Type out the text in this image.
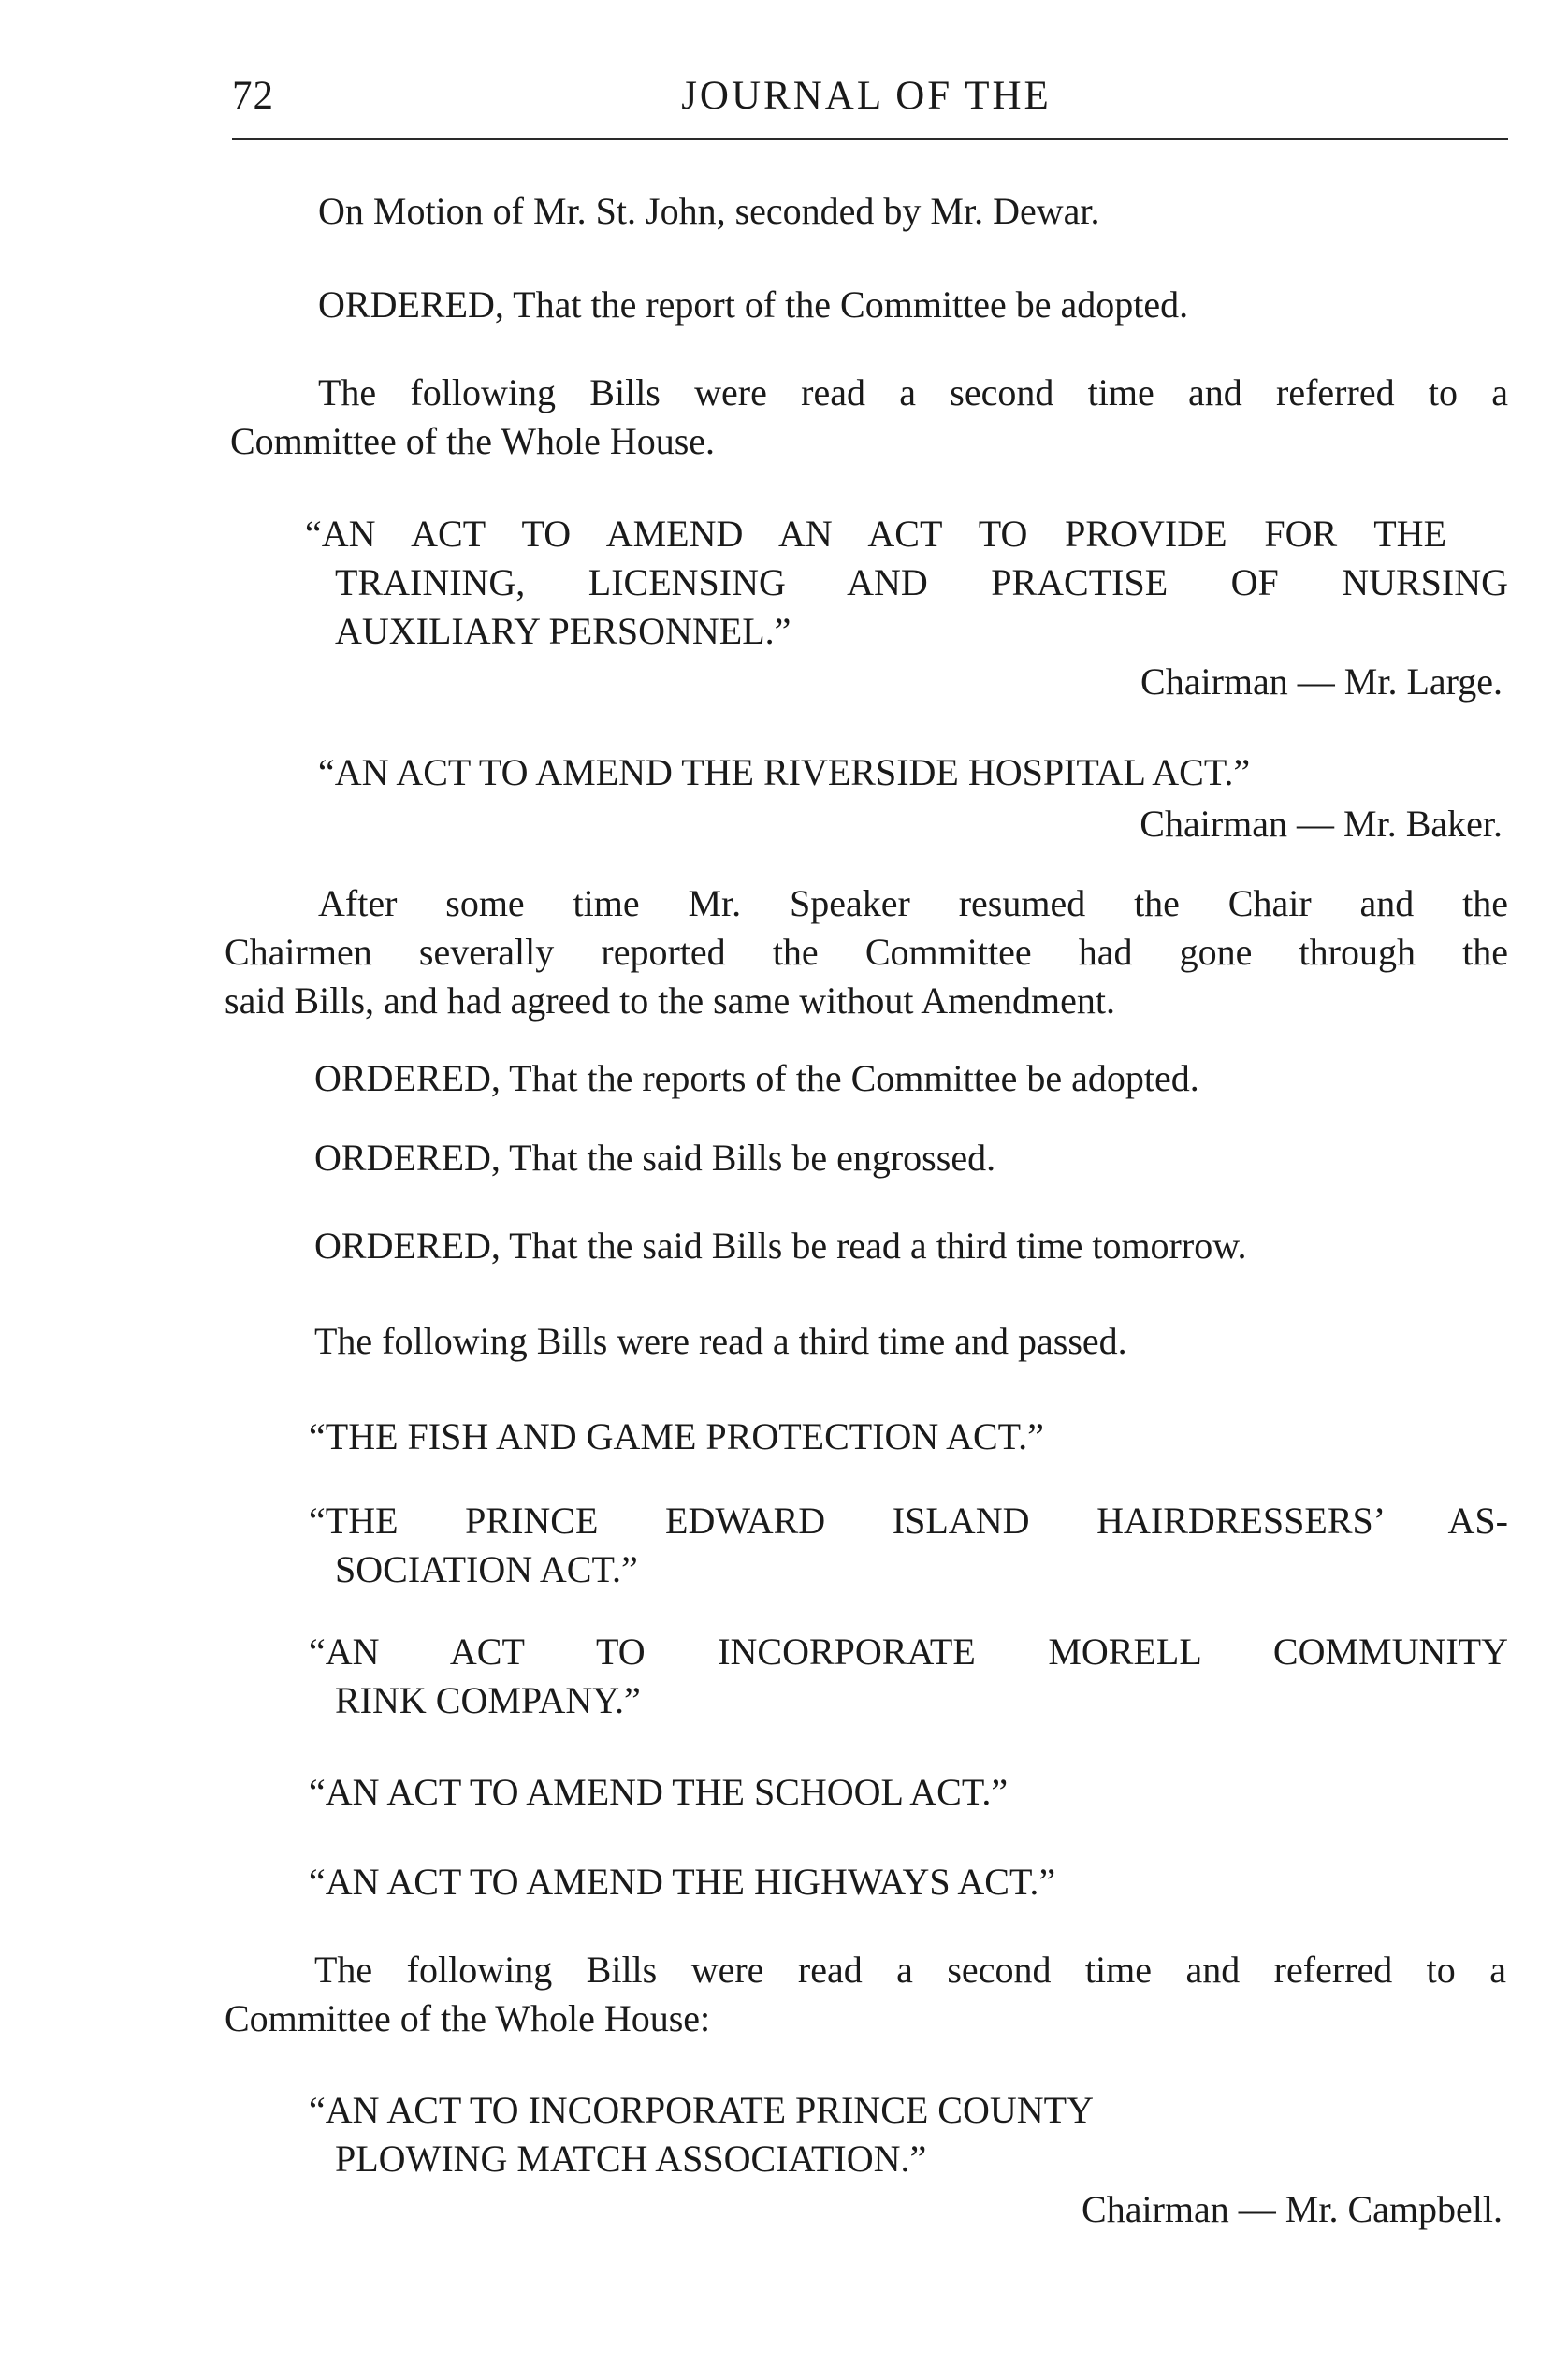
72	JOURNAL OF THE
On Motion of Mr. St. John, seconded by Mr. Dewar.
ORDERED, That the report of the Committee be adopted.
The following Bills were read a second time and referred to a
Committee of the Whole House.
“AN ACT TO AMEND AN ACT TO PROVIDE FOR THE
TRAINING, LICENSING AND PRACTISE OF NURSING
AUXILIARY PERSONNEL.”
Chairman — Mr. Large.
“AN ACT TO AMEND THE RIVERSIDE HOSPITAL ACT.”
Chairman — Mr. Baker.
After some time Mr. Speaker resumed the Chair and the
Chairmen severally reported the Committee had gone through the
said Bills, and had agreed to the same without Amendment.
ORDERED, That the reports of the Committee be adopted.
ORDERED, That the said Bills be engrossed.
ORDERED, That the said Bills be read a third time tomorrow.
The following Bills were read a third time and passed.
“THE FISH AND GAME PROTECTION ACT.”
“THE PRINCE EDWARD ISLAND HAIRDRESSERS’ AS-
SOCIATION ACT.”
“AN ACT TO INCORPORATE MORELL COMMUNITY
RINK COMPANY.”
“AN ACT TO AMEND THE SCHOOL ACT.”
“AN ACT TO AMEND THE HIGHWAYS ACT.”
The following Bills were read a second time and referred to a
Committee of the Whole House:
“AN ACT TO INCORPORATE PRINCE COUNTY
PLOWING MATCH ASSOCIATION.”
Chairman — Mr. Campbell.
